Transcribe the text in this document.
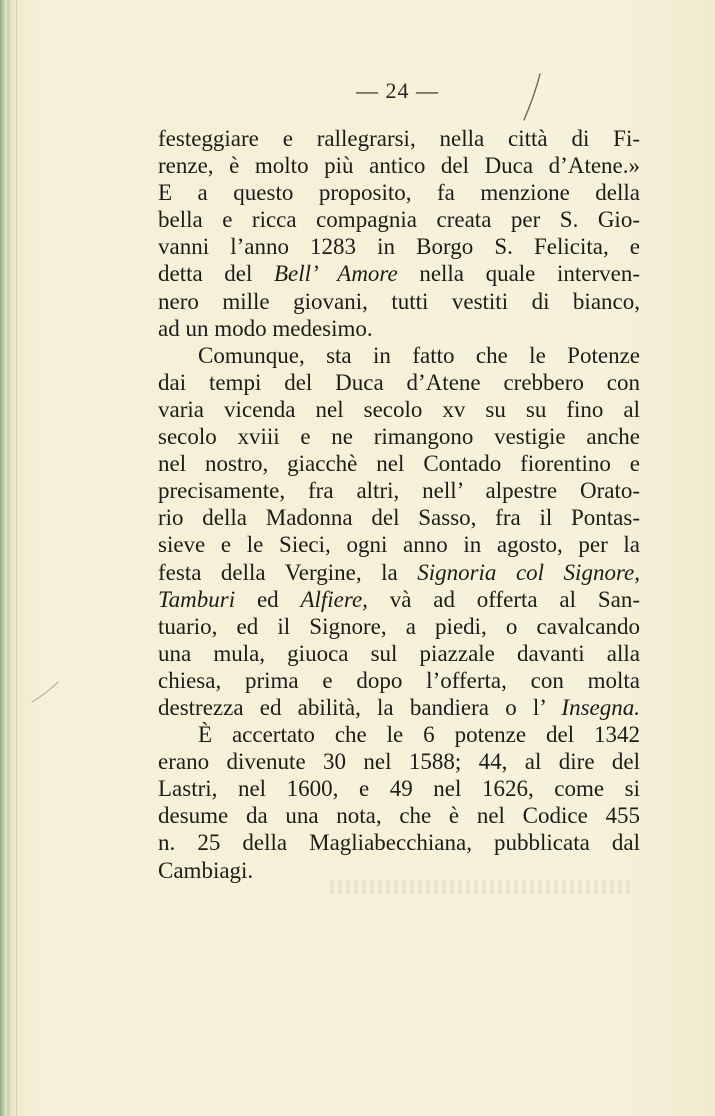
— 24 —
festeggiare e rallegrarsi, nella città di Fi-
renze, è molto più antico del Duca d’Atene.»
E a questo proposito, fa menzione della
bella e ricca compagnia creata per S. Gio-
vanni l’anno 1283 in Borgo S. Felicita, e
detta del Bell’ Amore nella quale interven-
nero mille giovani, tutti vestiti di bianco,
ad un modo medesimo.
Comunque, sta in fatto che le Potenze
dai tempi del Duca d’Atene crebbero con
varia vicenda nel secolo xv su su fino al
secolo xviii e ne rimangono vestigie anche
nel nostro, giacchè nel Contado fiorentino e
precisamente, fra altri, nell’ alpestre Orato-
rio della Madonna del Sasso, fra il Pontas-
sieve e le Sieci, ogni anno in agosto, per la
festa della Vergine, la Signoria col Signore,
Tamburi ed Alfiere, và ad offerta al San-
tuario, ed il Signore, a piedi, o cavalcando
una mula, giuoca sul piazzale davanti alla
chiesa, prima e dopo l’offerta, con molta
destrezza ed abilità, la bandiera o l’ Insegna.
È accertato che le 6 potenze del 1342
erano divenute 30 nel 1588; 44, al dire del
Lastri, nel 1600, e 49 nel 1626, come si
desume da una nota, che è nel Codice 455
n. 25 della Magliabecchiana, pubblicata dal
Cambiagi.
